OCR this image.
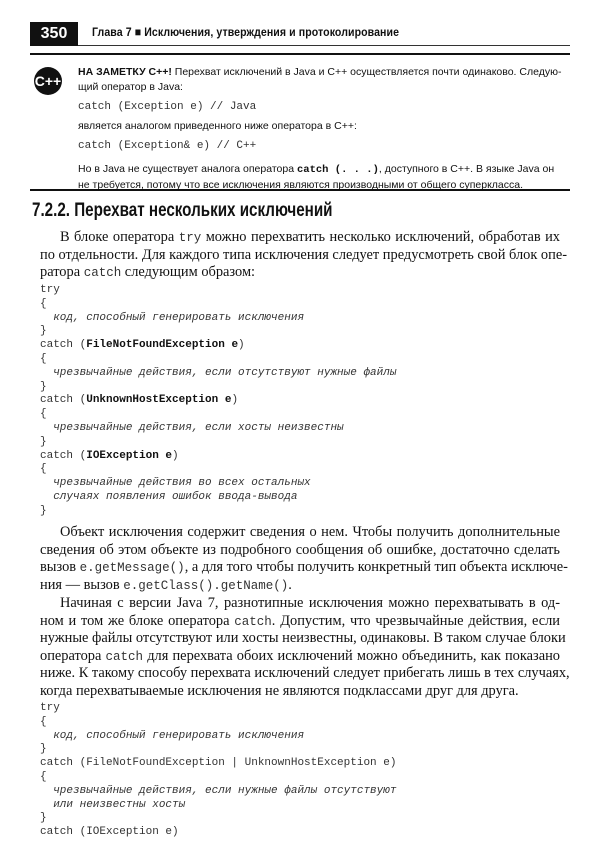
350	Глава 7 ■ Исключения, утверждения и протоколирование
C++
НА ЗАМЕТКУ С++! Перехват исключений в Java и С++ осуществляется почти одинаково. Следую-
щий оператор в Java:
catch (Exception e) // Java
является аналогом приведенного ниже оператора в С++:
catch (Exception& e) // C++
Но в Java не существует аналога оператора catch (. . .), доступного в С++. В языке Java он
не требуется, потому что все исключения являются производными от общего суперкласса.
7.2.2. Перехват нескольких исключений
В блоке оператора try можно перехватить несколько исключений, обработав их
по отдельности. Для каждого типа исключения следует предусмотреть свой блок опе-
ратора catch следующим образом:
try
{
код, способный генерировать исключения
}
catch (FileNotFoundException e)
{
чрезвычайные действия, если отсутствуют нужные файлы
}
catch (UnknownHostException e)
{
чрезвычайные действия, если хосты неизвестны
}
catch (IOException e)
{
чрезвычайные действия во всех остальных
случаях появления ошибок ввода-вывода
}
Объект исключения содержит сведения о нем. Чтобы получить дополнительные
сведения об этом объекте из подробного сообщения об ошибке, достаточно сделать
вызов e.getMessage(), а для того чтобы получить конкретный тип объекта исключе-
ния — вызов e.getClass().getName().
Начиная с версии Java 7, разнотипные исключения можно перехватывать в од-
ном и том же блоке оператора catch. Допустим, что чрезвычайные действия, если
нужные файлы отсутствуют или хосты неизвестны, одинаковы. В таком случае блоки
оператора catch для перехвата обоих исключений можно объединить, как показано
ниже. К такому способу перехвата исключений следует прибегать лишь в тех случаях,
когда перехватываемые исключения не являются подклассами друг для друга.
try
{
код, способный генерировать исключения
}
catch (FileNotFoundException | UnknownHostException e)
{
чрезвычайные действия, если нужные файлы отсутствуют
или неизвестны хосты
}
catch (IOException e)
